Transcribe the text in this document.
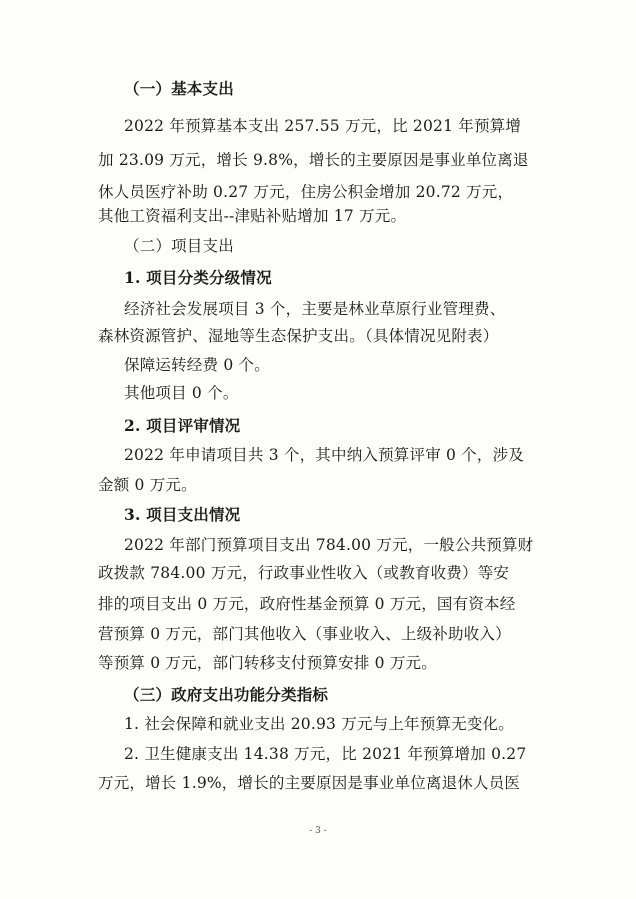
（一）基本支出
2022 年预算基本支出 257.55 万元，比 2021 年预算增
加 23.09 万元，增长 9.8%，增长的主要原因是事业单位离退
休人员医疗补助 0.27 万元，住房公积金增加 20.72 万元，
其他工资福利支出--津贴补贴增加 17 万元。
（二）项目支出
1. 项目分类分级情况
经济社会发展项目 3 个，主要是林业草原行业管理费、
森林资源管护、湿地等生态保护支出。（具体情况见附表）
保障运转经费 0 个。
其他项目 0 个。
2. 项目评审情况
2022 年申请项目共 3 个，其中纳入预算评审 0 个，涉及
金额 0 万元。
3. 项目支出情况
2022 年部门预算项目支出 784.00 万元，一般公共预算财
政拨款 784.00 万元，行政事业性收入（或教育收费）等安
排的项目支出 0 万元，政府性基金预算 0 万元，国有资本经
营预算 0 万元，部门其他收入（事业收入、上级补助收入）
等预算 0 万元，部门转移支付预算安排 0 万元。
（三）政府支出功能分类指标
1. 社会保障和就业支出 20.93 万元与上年预算无变化。
2. 卫生健康支出 14.38 万元，比 2021 年预算增加 0.27
万元，增长 1.9%，增长的主要原因是事业单位离退休人员医
- 3 -
